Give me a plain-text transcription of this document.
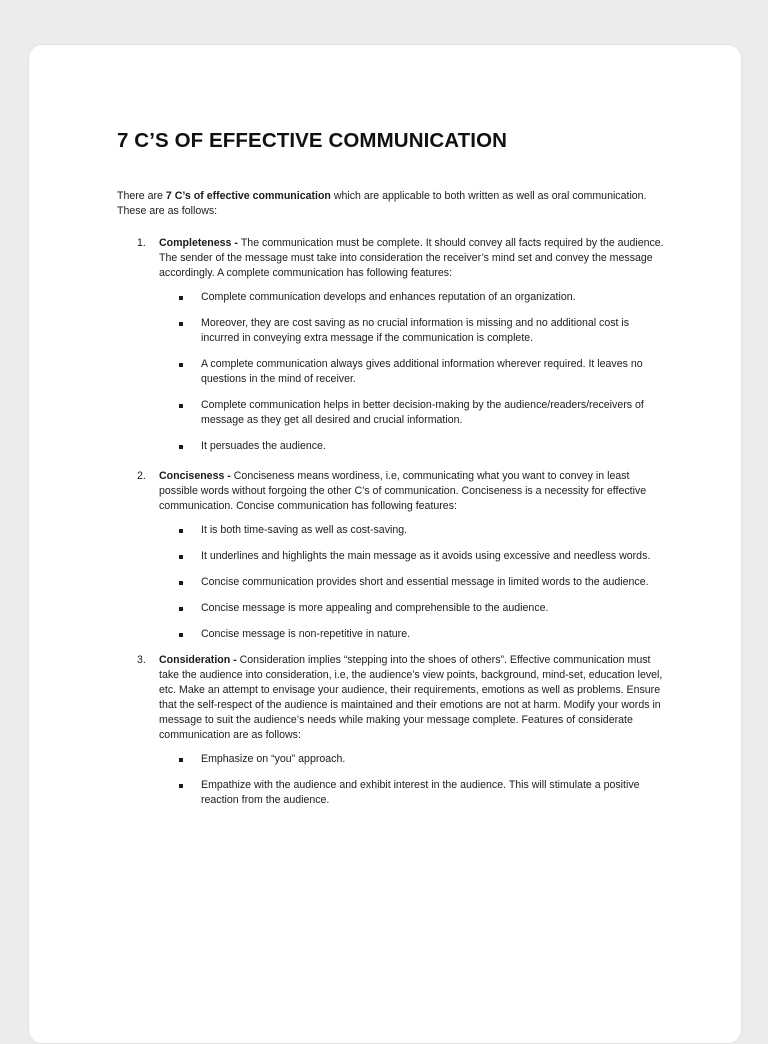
7 C’S OF EFFECTIVE COMMUNICATION

There are 7 C’s of effective communication which are applicable to both written as well as oral communication. These are as follows:

1. Completeness - The communication must be complete. It should convey all facts required by the audience. The sender of the message must take into consideration the receiver’s mind set and convey the message accordingly. A complete communication has following features:

Complete communication develops and enhances reputation of an organization.
Moreover, they are cost saving as no crucial information is missing and no additional cost is incurred in conveying extra message if the communication is complete.
A complete communication always gives additional information wherever required. It leaves no questions in the mind of receiver.
Complete communication helps in better decision-making by the audience/readers/receivers of message as they get all desired and crucial information.
It persuades the audience.
2. Conciseness - Conciseness means wordiness, i.e, communicating what you want to convey in least possible words without forgoing the other C’s of communication. Conciseness is a necessity for effective communication. Concise communication has following features:

It is both time-saving as well as cost-saving.
It underlines and highlights the main message as it avoids using excessive and needless words.
Concise communication provides short and essential message in limited words to the audience.
Concise message is more appealing and comprehensible to the audience.
Concise message is non-repetitive in nature.
3. Consideration - Consideration implies “stepping into the shoes of others”. Effective communication must take the audience into consideration, i.e, the audience’s view points, background, mind-set, education level, etc. Make an attempt to envisage your audience, their requirements, emotions as well as problems. Ensure that the self-respect of the audience is maintained and their emotions are not at harm. Modify your words in message to suit the audience’s needs while making your message complete. Features of considerate communication are as follows:

Emphasize on “you” approach.
Empathize with the audience and exhibit interest in the audience. This will stimulate a positive reaction from the audience.
